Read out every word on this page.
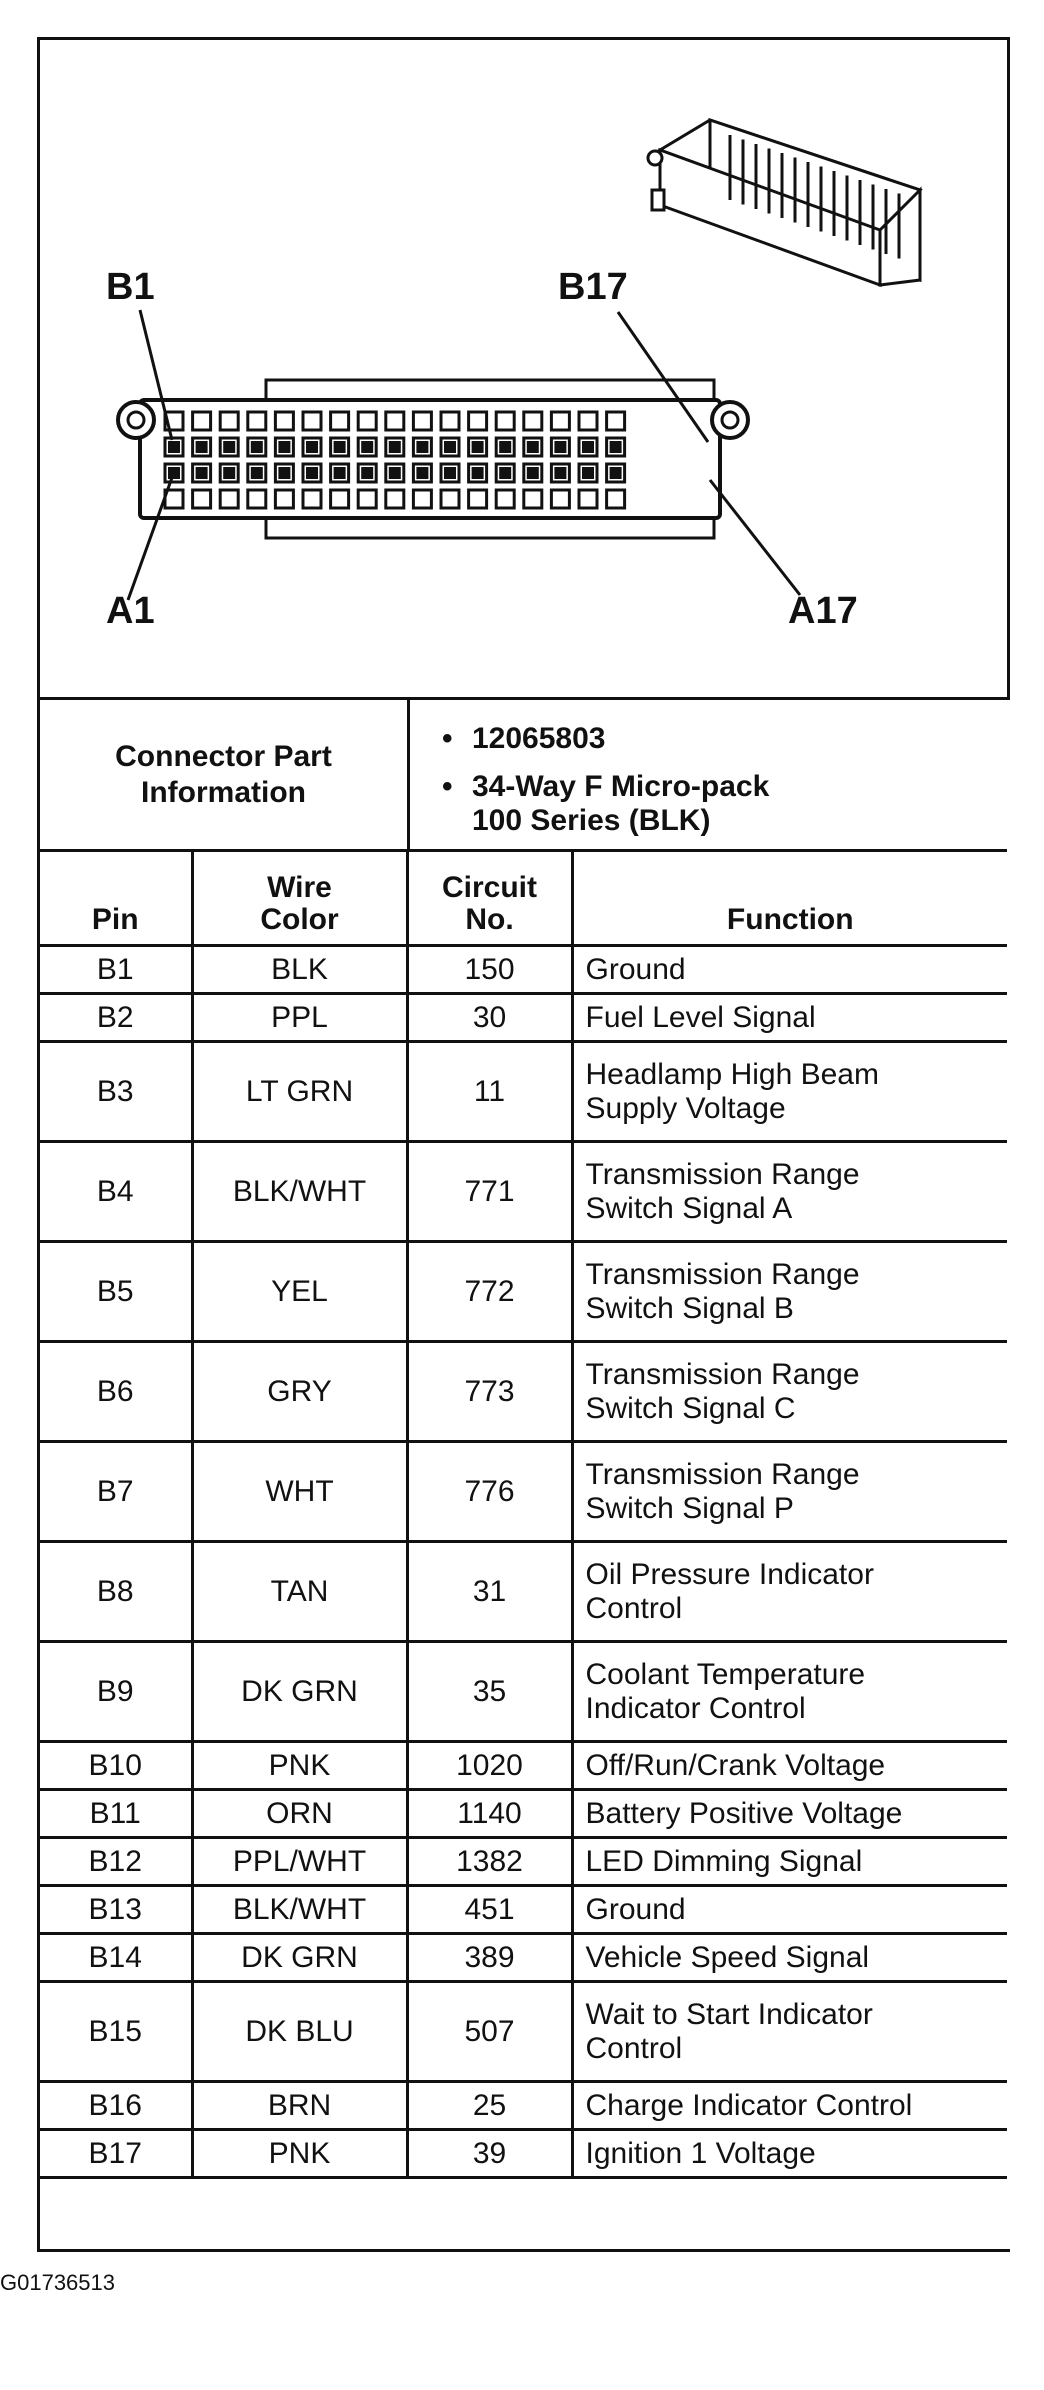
B1	B17
A1	A17
Connector Part Information
• 12065803
• 34-Way F Micro-pack
100 Series (BLK)
Pin	Wire Color	Circuit No.	Function
B1	BLK	150	Ground
B2	PPL	30	Fuel Level Signal
B3	LT GRN	11	Headlamp High Beam
Supply Voltage
B4	BLK/WHT	771	Transmission Range
Switch Signal A
B5	YEL	772	Transmission Range
Switch Signal B
B6	GRY	773	Transmission Range
Switch Signal C
B7	WHT	776	Transmission Range
Switch Signal P
B8	TAN	31	Oil Pressure Indicator
Control
B9	DK GRN	35	Coolant Temperature
Indicator Control
B10	PNK	1020	Off/Run/Crank Voltage
B11	ORN	1140	Battery Positive Voltage
B12	PPL/WHT	1382	LED Dimming Signal
B13	BLK/WHT	451	Ground
B14	DK GRN	389	Vehicle Speed Signal
B15	DK BLU	507	Wait to Start Indicator
Control
B16	BRN	25	Charge Indicator Control
B17	PNK	39	Ignition 1 Voltage
G01736513
